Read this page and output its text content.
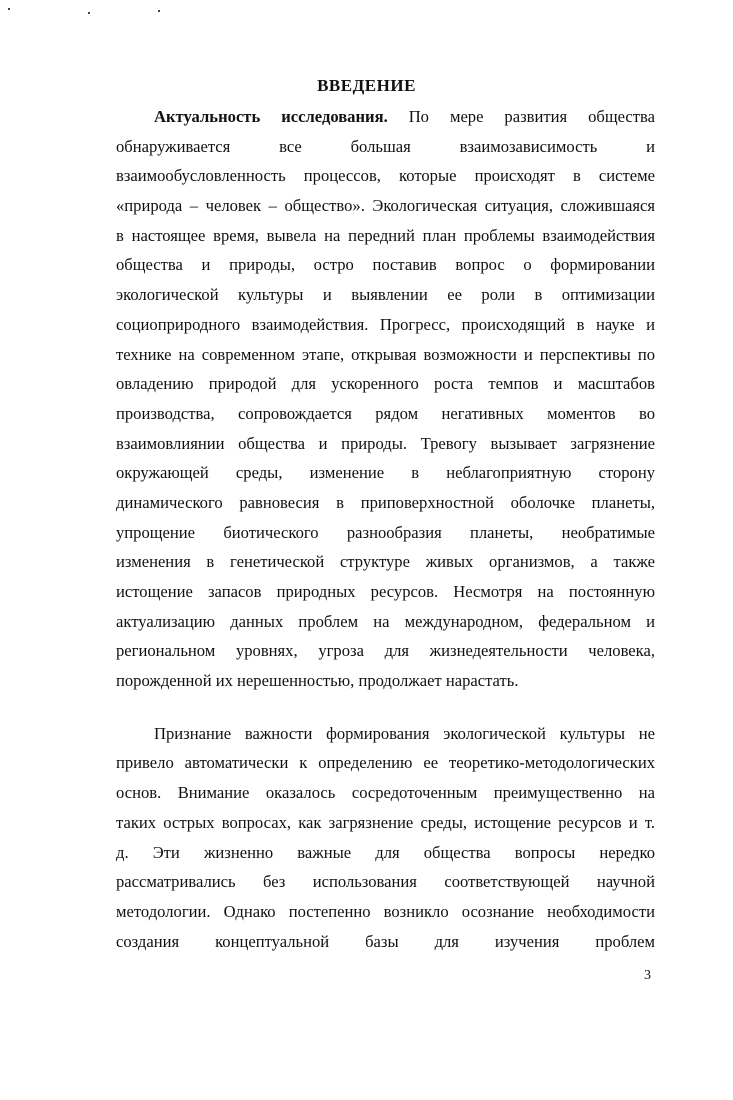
ВВЕДЕНИЕ
Актуальность исследования. По мере развития общества
обнаруживается все большая взаимозависимость и
взаимообусловленность процессов, которые происходят в системе
«природа – человек – общество». Экологическая ситуация, сложившаяся
в настоящее время, вывела на передний план проблемы взаимодействия
общества и природы, остро поставив вопрос о формировании
экологической культуры и выявлении ее роли в оптимизации
социоприродного взаимодействия. Прогресс, происходящий в науке и
технике на современном этапе, открывая возможности и перспективы по
овладению природой для ускоренного роста темпов и масштабов
производства, сопровождается рядом негативных моментов во
взаимовлиянии общества и природы. Тревогу вызывает загрязнение
окружающей среды, изменение в неблагоприятную сторону
динамического равновесия в приповерхностной оболочке планеты,
упрощение биотического разнообразия планеты, необратимые
изменения в генетической структуре живых организмов, а также
истощение запасов природных ресурсов. Несмотря на постоянную
актуализацию данных проблем на международном, федеральном и
региональном уровнях, угроза для жизнедеятельности человека,
порожденной их нерешенностью, продолжает нарастать.
Признание важности формирования экологической культуры не
привело автоматически к определению ее теоретико-методологических
основ. Внимание оказалось сосредоточенным преимущественно на
таких острых вопросах, как загрязнение среды, истощение ресурсов и т.
д. Эти жизненно важные для общества вопросы нередко
рассматривались без использования соответствующей научной
методологии. Однако постепенно возникло осознание необходимости
создания концептуальной базы для изучения проблем
3
